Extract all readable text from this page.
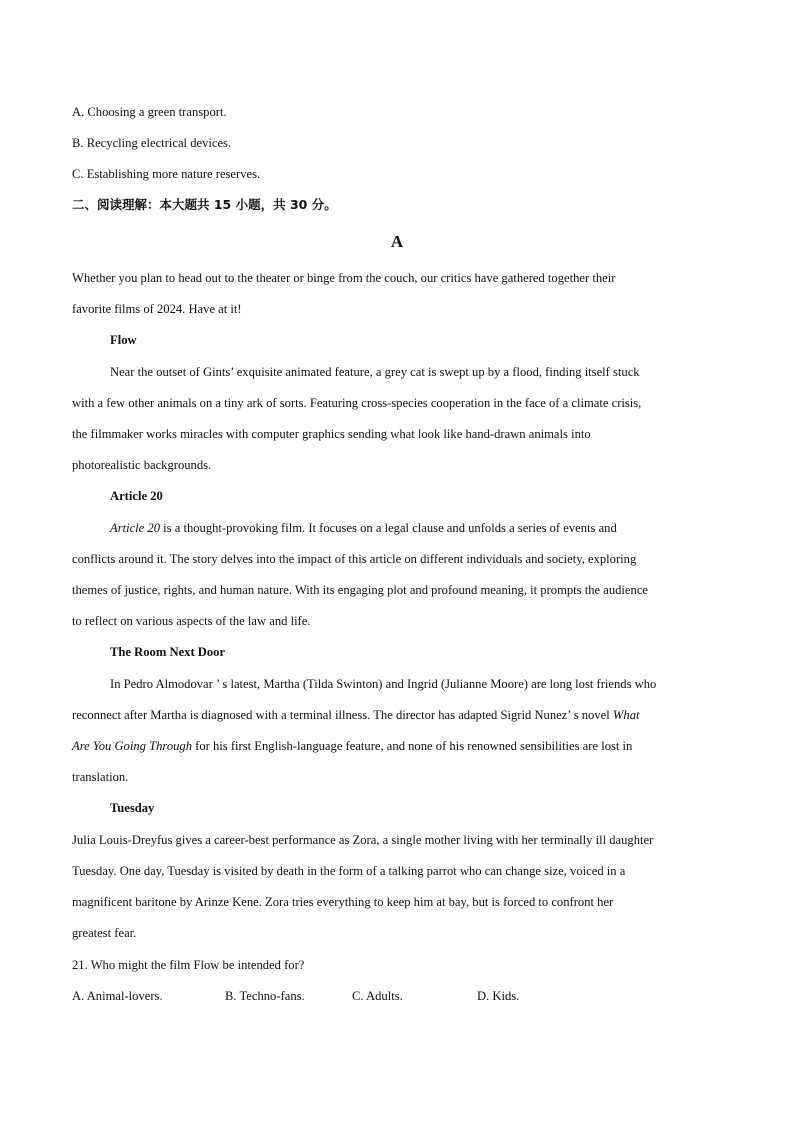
A. Choosing a green transport.
B. Recycling electrical devices.
C. Establishing more nature reserves.
二、阅读理解：本大题共 15 小题，共 30 分。
A
Whether you plan to head out to the theater or binge from the couch, our critics have gathered together their
favorite films of 2024. Have at it!
Flow
Near the outset of Gints’ exquisite animated feature, a grey cat is swept up by a flood, finding itself stuck
with a few other animals on a tiny ark of sorts. Featuring cross-species cooperation in the face of a climate crisis,
the filmmaker works miracles with computer graphics sending what look like hand-drawn animals into
photorealistic backgrounds.
Article 20
Article 20 is a thought-provoking film. It focuses on a legal clause and unfolds a series of events and
conflicts around it. The story delves into the impact of this article on different individuals and society, exploring
themes of justice, rights, and human nature. With its engaging plot and profound meaning, it prompts the audience
to reflect on various aspects of the law and life.
The Room Next Door
In Pedro Almodovar ’ s latest, Martha (Tilda Swinton) and Ingrid (Julianne Moore) are long lost friends who
reconnect after Martha is diagnosed with a terminal illness. The director has adapted Sigrid Nunez’ s novel What
Are You Going Through for his first English-language feature, and none of his renowned sensibilities are lost in
translation.
Tuesday
Julia Louis-Dreyfus gives a career-best performance as Zora, a single mother living with her terminally ill daughter
Tuesday. One day, Tuesday is visited by death in the form of a talking parrot who can change size, voiced in a
magnificent baritone by Arinze Kene. Zora tries everything to keep him at bay, but is forced to confront her
greatest fear.
21. Who might the film Flow be intended for?
A. Animal-lovers.	B. Techno-fans.	C. Adults.	D. Kids.
